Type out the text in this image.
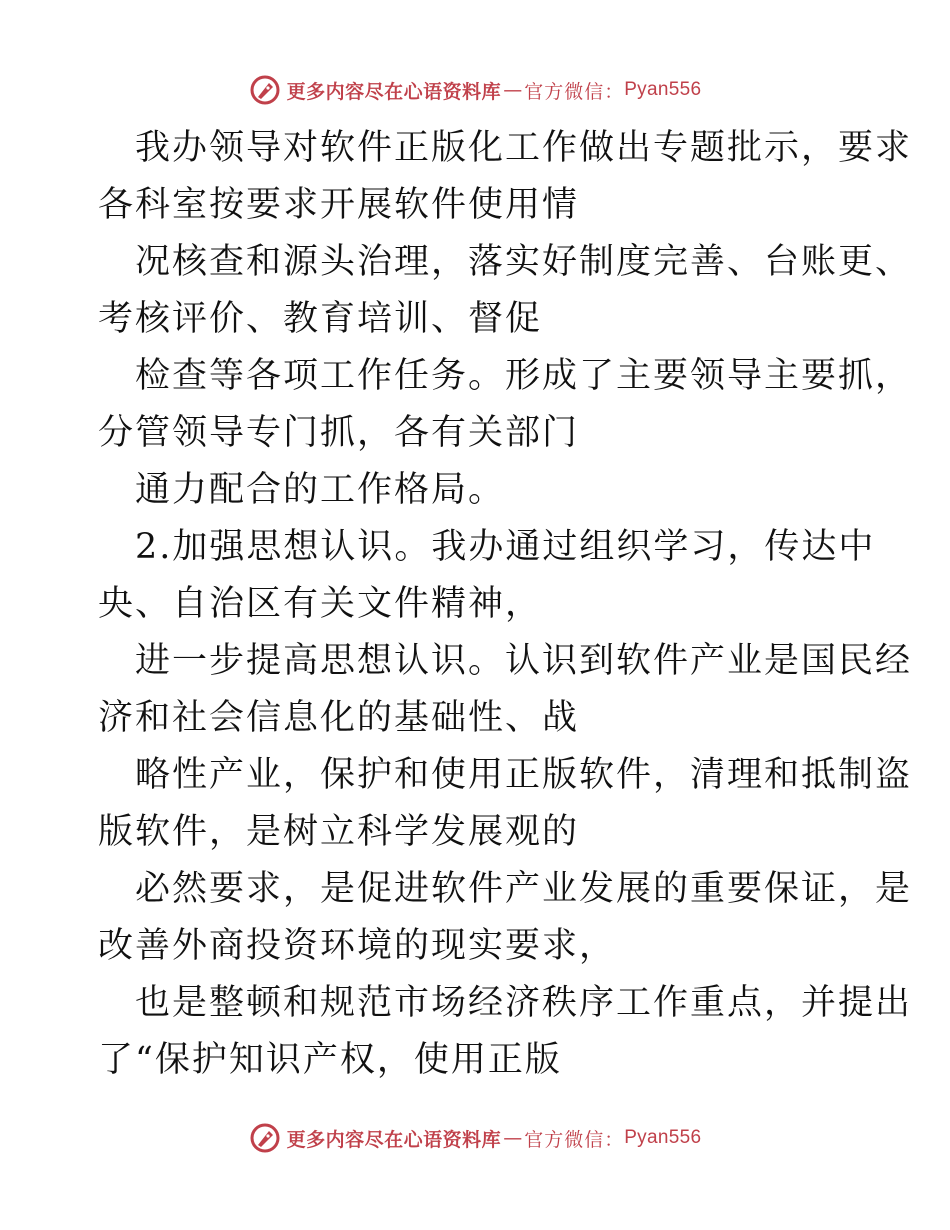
更多内容尽在心语资料库 — 官方微信： Pyan556
我办领导对软件正版化工作做出专题批示，要求
各科室按要求开展软件使用情
况核查和源头治理，落实好制度完善、台账更、
考核评价、教育培训、督促
检查等各项工作任务。形成了主要领导主要抓，
分管领导专门抓，各有关部门
通力配合的工作格局。
2.加强思想认识。我办通过组织学习，传达中
央、自治区有关文件精神，
进一步提高思想认识。认识到软件产业是国民经
济和社会信息化的基础性、战
略性产业，保护和使用正版软件，清理和抵制盗
版软件，是树立科学发展观的
必然要求，是促进软件产业发展的重要保证，是
改善外商投资环境的现实要求，
也是整顿和规范市场经济秩序工作重点，并提出
了“保护知识产权，使用正版
更多内容尽在心语资料库 — 官方微信： Pyan556
